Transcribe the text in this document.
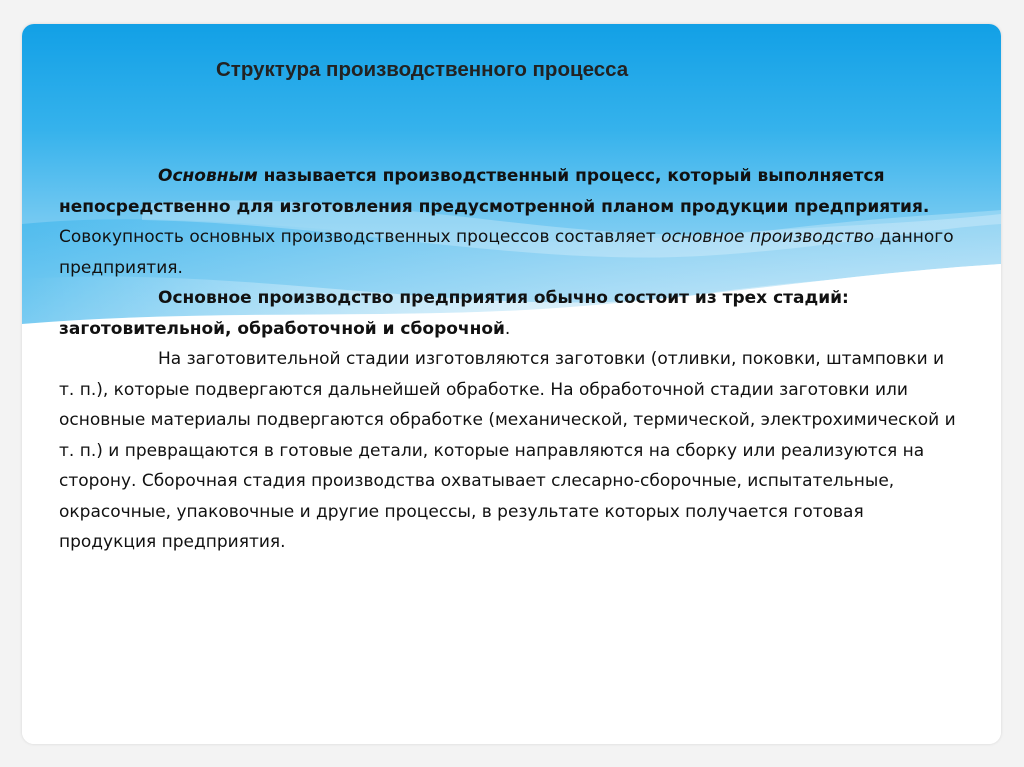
Структура производственного процесса

Основным называется производственный процесс, который выполняется непосредственно для изготовления предусмотренной планом продукции предприятия. Совокупность основных производственных процессов составляет основное производство данного предприятия.

Основное производство предприятия обычно состоит из трех стадий: заготовительной, обработочной и сборочной.

На заготовительной стадии изготовляются заготовки (отливки, поковки, штамповки и т. п.), которые подвергаются дальнейшей обработке. На обработочной стадии заготовки или основные материалы подвергаются обработке (механической, термической, электрохимической и т. п.) и превращаются в готовые детали, которые направляются на сборку или реализуются на сторону. Сборочная стадия производства охватывает слесарно-сборочные, испытательные, окрасочные, упаковочные и другие процессы, в результате которых получается готовая продукция предприятия.
